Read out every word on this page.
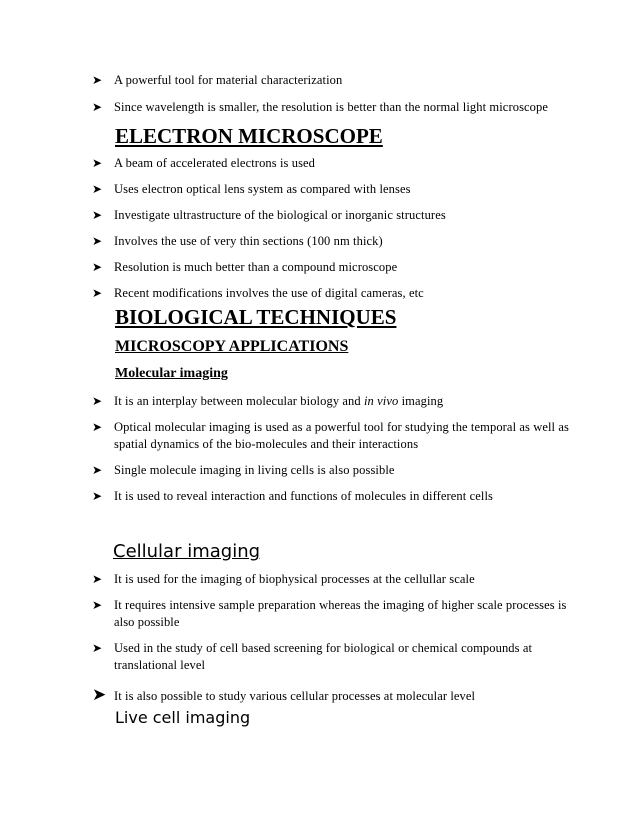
➤ A powerful tool for material characterization
➤ Since wavelength is smaller, the resolution is better than the normal light microscope
ELECTRON MICROSCOPE
➤ A beam of accelerated electrons is used
➤ Uses electron optical lens system as compared with lenses
➤ Investigate ultrastructure of the biological or inorganic structures
➤ Involves the use of very thin sections (100 nm thick)
➤ Resolution is much better than a compound microscope
➤ Recent modifications involves the use of digital cameras, etc
BIOLOGICAL TECHNIQUES
MICROSCOPY APPLICATIONS
Molecular imaging
➤ It is an interplay between molecular biology and in vivo imaging
➤ Optical molecular imaging is used as a powerful tool for studying the temporal as well as spatial dynamics of the bio-molecules and their interactions
➤ Single molecule imaging in living cells is also possible
➤ It is used to reveal interaction and functions of molecules in different cells
Cellular imaging
➤ It is used for the imaging of biophysical processes at the cellullar scale
➤ It requires intensive sample preparation whereas the imaging of higher scale processes is also possible
➤ Used in the study of cell based screening for biological or chemical compounds at translational level
➤ It is also possible to study various cellular processes at molecular level
Live cell imaging
